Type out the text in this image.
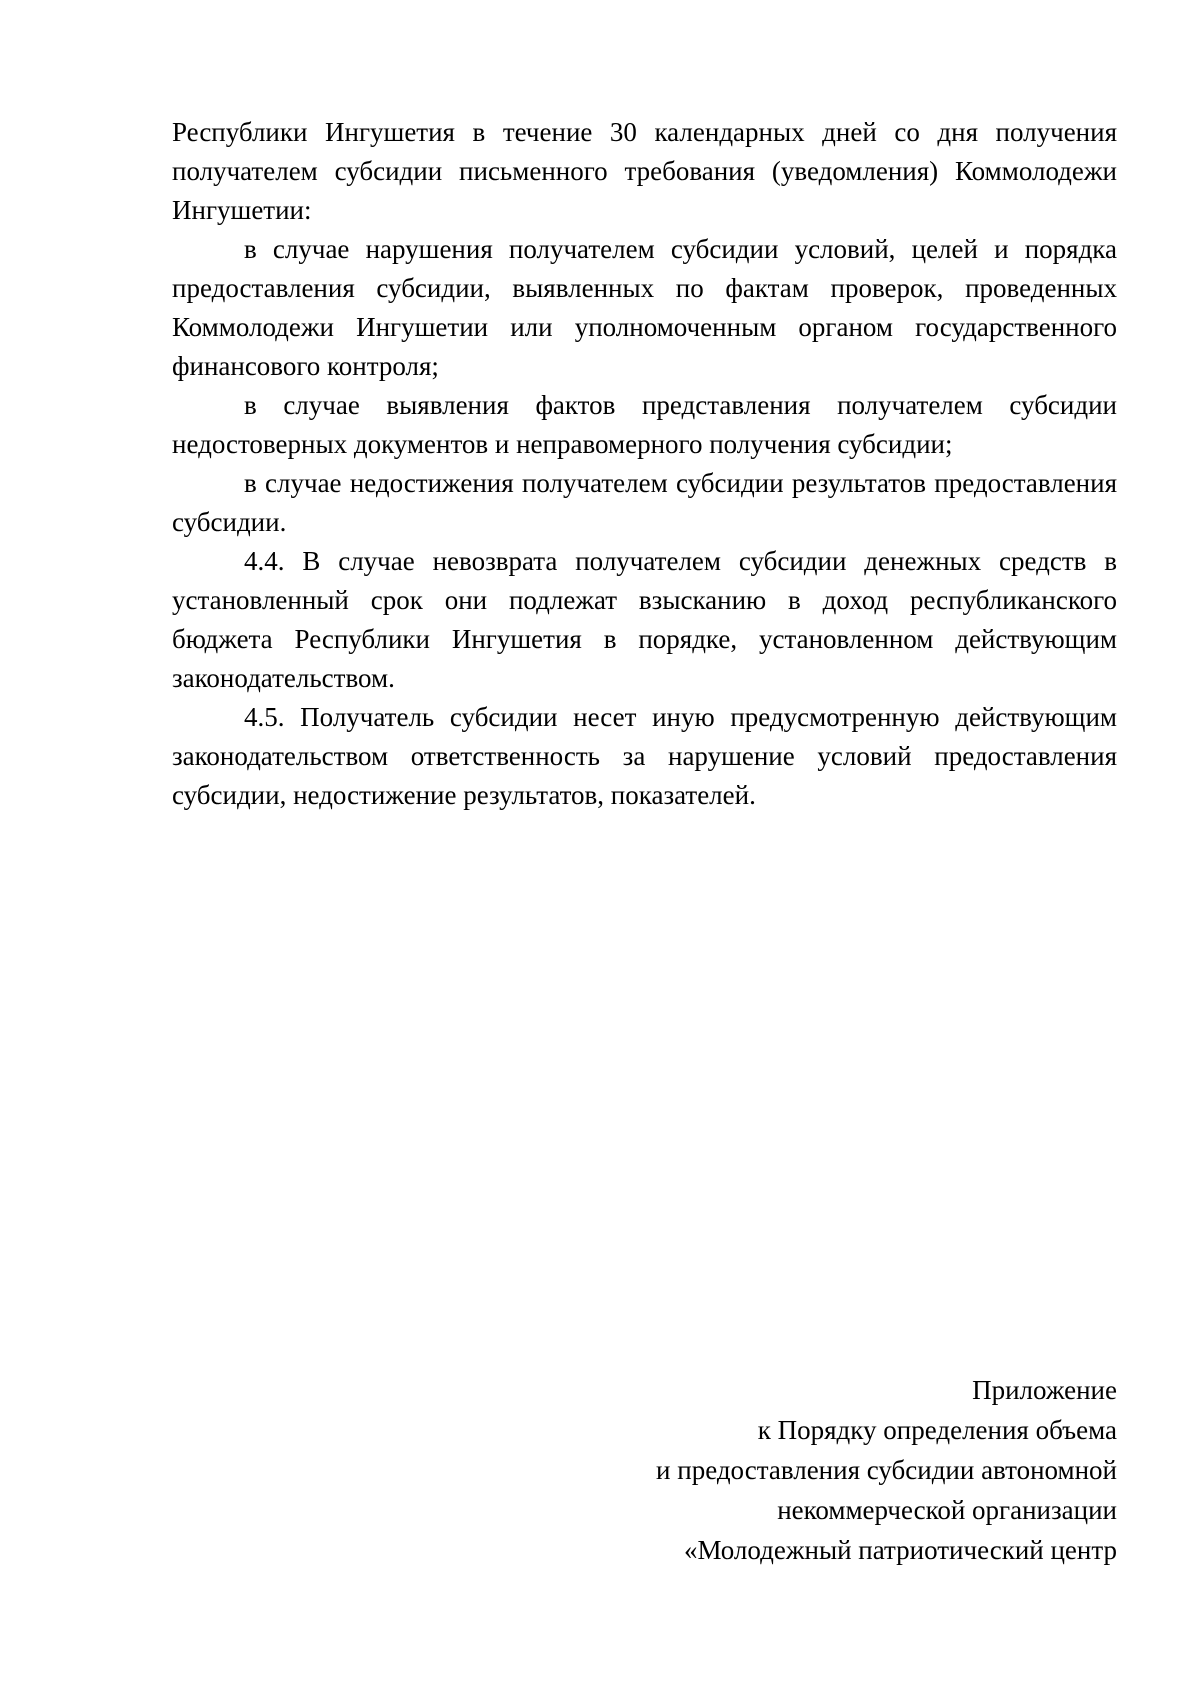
Республики Ингушетия в течение 30 календарных дней со дня получения получателем субсидии письменного требования (уведомления) Коммолодежи Ингушетии:

в случае нарушения получателем субсидии условий, целей и порядка предоставления субсидии, выявленных по фактам проверок, проведенных Коммолодежи Ингушетии или уполномоченным органом государственного финансового контроля;

в случае выявления фактов представления получателем субсидии недостоверных документов и неправомерного получения субсидии;

в случае недостижения получателем субсидии результатов предоставления субсидии.

4.4. В случае невозврата получателем субсидии денежных средств в установленный срок они подлежат взысканию в доход республиканского бюджета Республики Ингушетия в порядке, установленном действующим законодательством.

4.5. Получатель субсидии несет иную предусмотренную действующим законодательством ответственность за нарушение условий предоставления субсидии, недостижение результатов, показателей.

Приложение
к Порядку определения объема
и предоставления субсидии автономной
некоммерческой организации
«Молодежный патриотический центр
